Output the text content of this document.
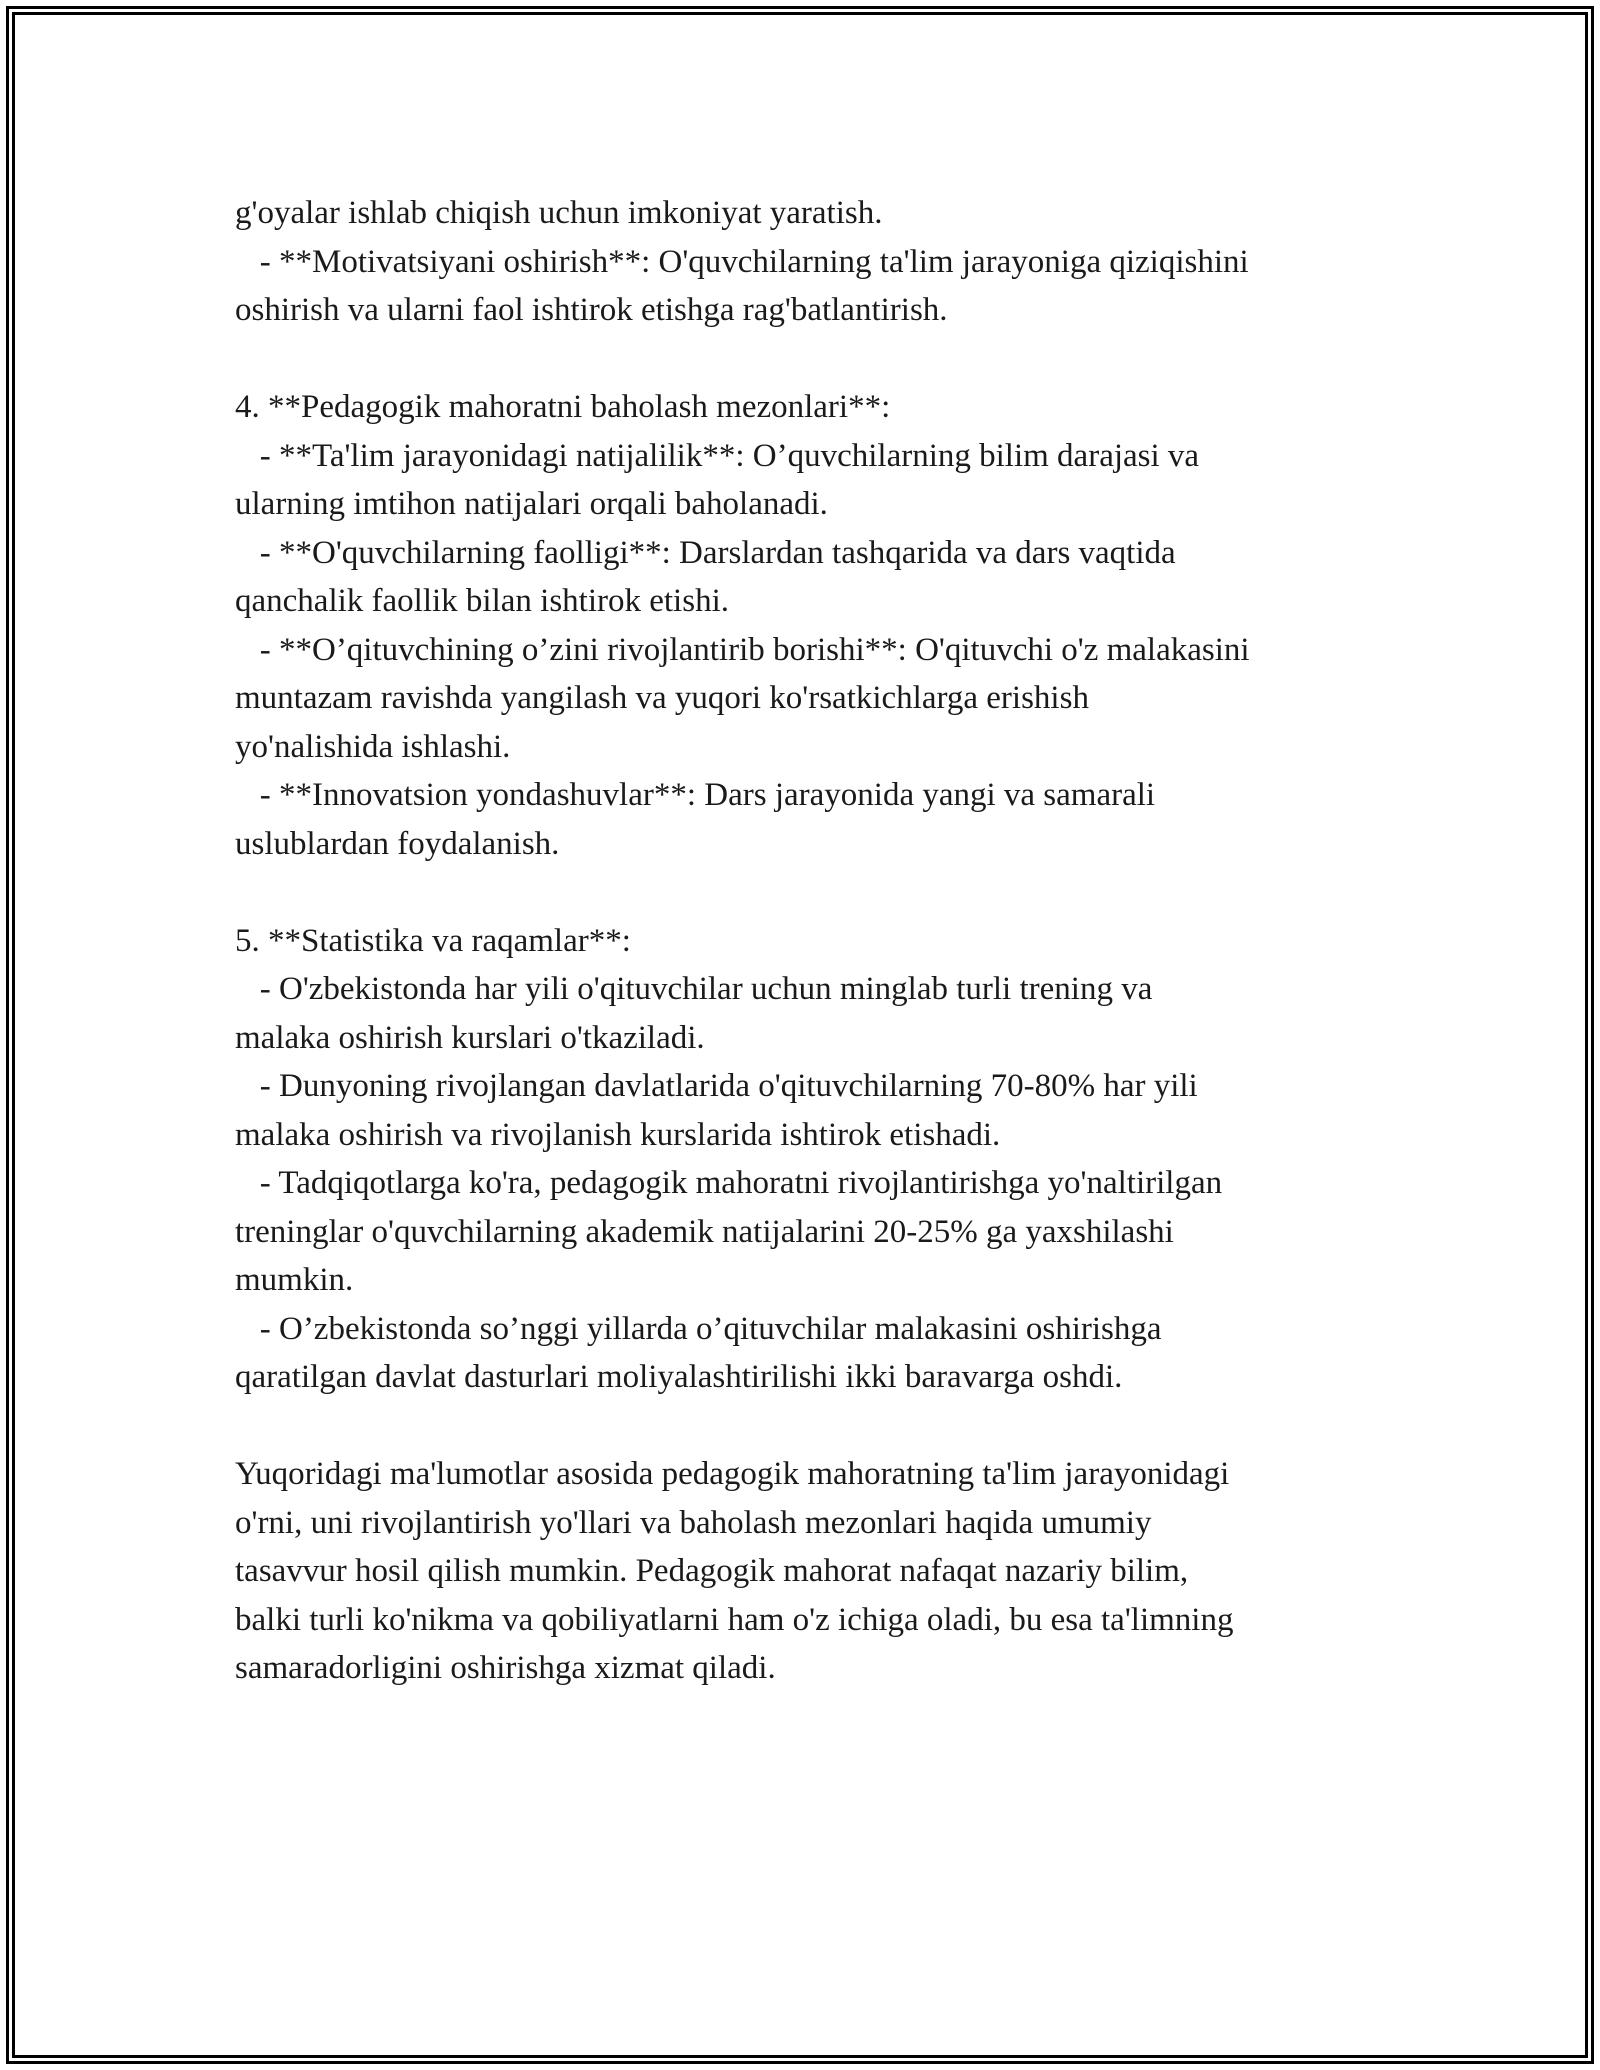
g'oyalar ishlab chiqish uchun imkoniyat yaratish.
- **Motivatsiyani oshirish**: O'quvchilarning ta'lim jarayoniga qiziqishini
oshirish va ularni faol ishtirok etishga rag'batlantirish.
4. **Pedagogik mahoratni baholash mezonlari**:
- **Ta'lim jarayonidagi natijalilik**: O’quvchilarning bilim darajasi va
ularning imtihon natijalari orqali baholanadi.
- **O'quvchilarning faolligi**: Darslardan tashqarida va dars vaqtida
qanchalik faollik bilan ishtirok etishi.
- **O’qituvchining o’zini rivojlantirib borishi**: O'qituvchi o'z malakasini
muntazam ravishda yangilash va yuqori ko'rsatkichlarga erishish
yo'nalishida ishlashi.
- **Innovatsion yondashuvlar**: Dars jarayonida yangi va samarali
uslublardan foydalanish.
5. **Statistika va raqamlar**:
- O'zbekistonda har yili o'qituvchilar uchun minglab turli trening va
malaka oshirish kurslari o'tkaziladi.
- Dunyoning rivojlangan davlatlarida o'qituvchilarning 70-80% har yili
malaka oshirish va rivojlanish kurslarida ishtirok etishadi.
- Tadqiqotlarga ko'ra, pedagogik mahoratni rivojlantirishga yo'naltirilgan
treninglar o'quvchilarning akademik natijalarini 20-25% ga yaxshilashi
mumkin.
- O’zbekistonda so’nggi yillarda o’qituvchilar malakasini oshirishga
qaratilgan davlat dasturlari moliyalashtirilishi ikki baravarga oshdi.
Yuqoridagi ma'lumotlar asosida pedagogik mahoratning ta'lim jarayonidagi
o'rni, uni rivojlantirish yo'llari va baholash mezonlari haqida umumiy
tasavvur hosil qilish mumkin. Pedagogik mahorat nafaqat nazariy bilim,
balki turli ko'nikma va qobiliyatlarni ham o'z ichiga oladi, bu esa ta'limning
samaradorligini oshirishga xizmat qiladi.
